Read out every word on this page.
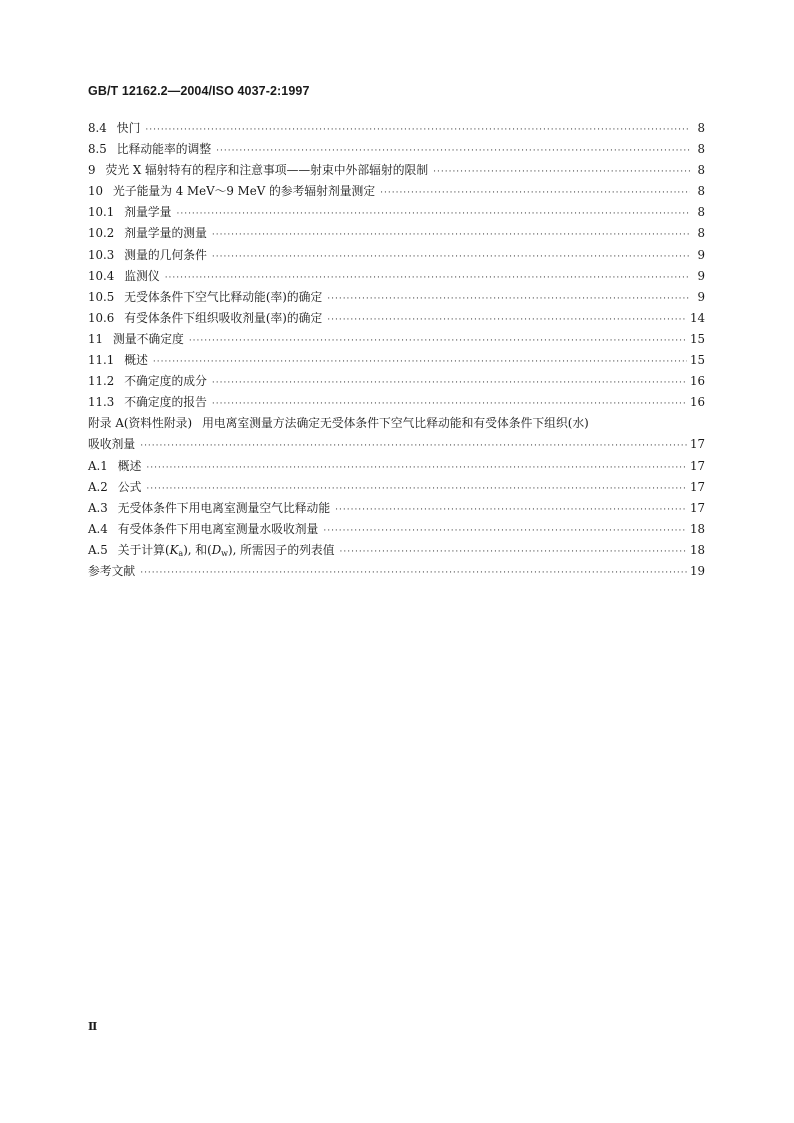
GB/T 12162.2—2004/ISO 4037-2:1997
8.4 快门 ·····	8
8.5 比释动能率的调整 ·····	8
9 荧光 X 辐射特有的程序和注意事项——射束中外部辐射的限制 ·····	8
10 光子能量为 4 MeV～9 MeV 的参考辐射剂量测定 ·····	8
10.1 剂量学量 ·····	8
10.2 剂量学量的测量 ·····	8
10.3 测量的几何条件 ·····	9
10.4 监测仪 ·····	9
10.5 无受体条件下空气比释动能(率)的确定 ·····	9
10.6 有受体条件下组织吸收剂量(率)的确定 ·····	14
11 测量不确定度 ·····	15
11.1 概述 ·····	15
11.2 不确定度的成分 ·····	16
11.3 不确定度的报告 ·····	16
附录 A(资料性附录) 用电离室测量方法确定无受体条件下空气比释动能和有受体条件下组织(水)
吸收剂量 ·····	17
A.1 概述 ·····	17
A.2 公式 ·····	17
A.3 无受体条件下用电离室测量空气比释动能 ·····	17
A.4 有受体条件下用电离室测量水吸收剂量 ·····	18
A.5 关于计算$(K_a)$, 和$(D_w)$, 所需因子的列表值 ·····	18
参考文献 ·····	19
Ⅱ
